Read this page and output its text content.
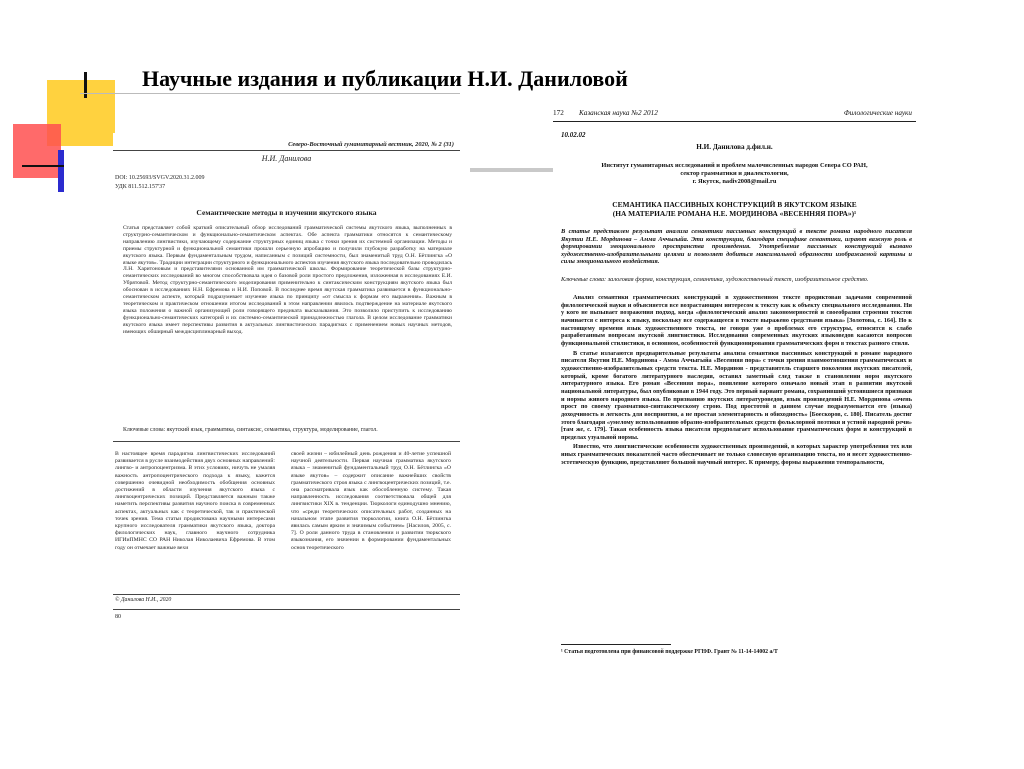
Научные издания и публикации Н.И. Даниловой
Северо-Восточный гуманитарный вестник, 2020, № 2 (31)
Н.И. Данилова
DOI: 10.25693/SVGV.2020.31.2.009
УДК 811.512.157'37
Семантические методы в изучении якутского языка
Статья представляет собой краткий описательный обзор исследований грамматической системы якутского языка, выполненных в структурно-семантическом и функционально-семантическом аспектах. Обе аспекта грамматики относятся к семантическому направлению лингвистики, изучающему содержание структурных единиц языка с точки зрения их системной организации. Методы и приемы структурной и функциональной семантики прошли серьезную апробацию и получили глубокую разработку на материале якутского языка. Первым фундаментальным трудом, написанным с позиций системности, был знаменитый труд О.Н. Бётлингка «О языке якутов». Традиции интеграции структурного и функционального аспектов изучения якутского языка последовательно проводилась Л.Н. Харитоновым и представителями основанной им грамматической школы. Формирование теоретической базы структурно-семантических исследований во многом способствовала идея о базовой роли простого предложения, изложенная в исследованиях Е.И. Убрятовой. Метод структурно-семантического моделирования применительно к синтаксическим конструкциям якутского языка был обоснован в исследованиях Н.Н. Ефремова и Н.И. Поповой. В последнее время якутская грамматика развивается в функционально-семантическом аспекте, который подразумевает изучение языка по принципу «от смысла к формам его выражения». Важным в теоретическом и практическом отношении итогом исследований в этом направлении явилось подтверждение на материале якутского языка положения о важной организующей роли говорящего предиката высказывания. Это позволило приступить к исследованию функционально-семантических категорий и их системно-семантической принадлежностью глагола. В целом исследование грамматики якутского языка имеет перспективы развития в актуальных лингвистических парадигмах с применением новых научных методов, имеющих обширный междисциплинарный выход.
Ключевые слова: якутский язык, грамматика, синтаксис, семантика, структура, моделирование, глагол.
В настоящее время парадигма лингвистических исследований развивается в русле взаимодействия двух основных направлений: лингво- и антропоцентризма. В этих условиях, ничуть не умаляя важность антропоцентрического подхода к языку, кажется совершенно очевидной необходимость обобщения основных достижений в области изучения якутского языка с лингвоцентрических позиций. Представляется важным также наметить перспективы развития научного поиска в современных аспектах, актуальных как с теоретической, так и практической точек зрения. Тема статьи продиктована научными интересами крупного исследователя грамматики якутского языка, доктора филологических наук, главного научного сотрудника ИГИиПМНС СО РАН Николая Николаевича Ефремова. В этом году он отмечает важные вехи
своей жизни – юбилейный день рождения и 40-летие успешной научной деятельности. Первая научная грамматика якутского языка – знаменитый фундаментальный труд О.Н. Бётлингка «О языке якутов» – содержит описание важнейших свойств грамматического строя языка с лингвоцентрических позиций, т.е. она рассматривала язык как обособленную систему. Такая направленность исследования соответствовала общей для лингвистики XIX в. тенденции. Тюркологи единодушно мнению, что «среди теоретических описательных работ, созданных на начальном этапе развития тюркологии, книга О.Н. Бётлингка явилась самым ярким и значимым событием» [Насилов, 2005, с. 7]. О роли данного труда в становлении и развитии тюркского языкознания, его значении в формировании фундаментальных основ теоретического
© Данилова Н.И., 2020
80
172 Казанская наука №2 2012	Филологические науки
10.02.02
Н.И. Данилова д.фил.н.
Институт гуманитарных исследований и проблем малочисленных народов Севера СО РАН,
сектор грамматики и диалектологии,
г. Якутск, nadiv2008@mail.ru
СЕМАНТИКА ПАССИВНЫХ КОНСТРУКЦИЙ В ЯКУТСКОМ ЯЗЫКЕ
(НА МАТЕРИАЛЕ РОМАНА Н.Е. МОРДИНОВА «ВЕСЕННЯЯ ПОРА»)¹
В статье представлен результат анализа семантики пассивных конструкций в тексте романа народного писателя Якутии Н.Е. Мординова – Амма Аччыгыйа. Эти конструкции, благодаря специфике семантики, играют важную роль в формировании эмоционального пространства произведения. Употребление пассивных конструкций вызвано художественно-изобразительными целями и позволяет добиться максимальной образности изображаемой картины и силы эмоционального воздействия.
Ключевые слова: залоговая форма, конструкция, семантика, художественный текст, изобразительное средство.

Анализ семантики грамматических конструкций в художественном тексте продиктован задачами современной филологической науки и объясняется все возрастающим интересом к тексту как к объекту специального исследования. Ни у кого не вызывает возражения подход, когда «филологический анализ закономерностей и своеобразия строения текстов начинается с интереса к языку, поскольку все содержащееся в тексте выражено средствами языка» [Золотова, с. 164]. Но к настоящему времени язык художественного текста, не говоря уже о проблемах его структуры, относится к слабо разработанным вопросам якутской лингвистики. Исследования современных якутских языковедов касаются вопросов функциональной стилистики, в основном, особенностей функционирования грамматических форм в текстах разного стиля.

В статье излагаются предварительные результаты анализа семантики пассивных конструкций в романе народного писателя Якутии Н.Е. Мординова - Амма Аччыгыйа «Весенняя пора» с точки зрения взаимоотношения грамматических и художественно-изобразительных средств текста. Н.Е. Мординов - представитель старшего поколения якутских писателей, который, кроме богатого литературного наследия, оставил заметный след также в становлении норм якутского литературного языка. Его роман «Весенняя пора», появление которого означало новый этап в развитии якутской национальной литературы, был опубликован в 1944 году. Это первый вариант романа, сохранивший устоявшиеся признаки и нормы живого народного языка. По признанию якутских литературоведов, язык произведений Н.Е. Мординова «очень прост по своему грамматико-синтаксическому строю. Под простотой в данном случае подразумевается его (языка) доходчивость и легкость для восприятия, а не простая элементарность и обиходность» [Боескоров, с. 180]. Писатель достиг этого благодаря «умелому использованию образно-изобразительных средств фольклорной поэтики и устной народной речи» [там же, с. 179]. Такая особенность языка писателя предполагает использование грамматических форм и конструкций в пределах узуальной нормы.

Известно, что лингвистические особенности художественных произведений, в которых характер употребления тех или иных грамматических показателей часто обеспечивает не только словесную организацию текста, но и несет художественно-эстетическую функцию, представляют большой научный интерес. К примеру, формы выражения темпоральности,

¹ Статья подготовлена при финансовой поддержке РГНФ. Грант № 11-14-14002 а/Т
